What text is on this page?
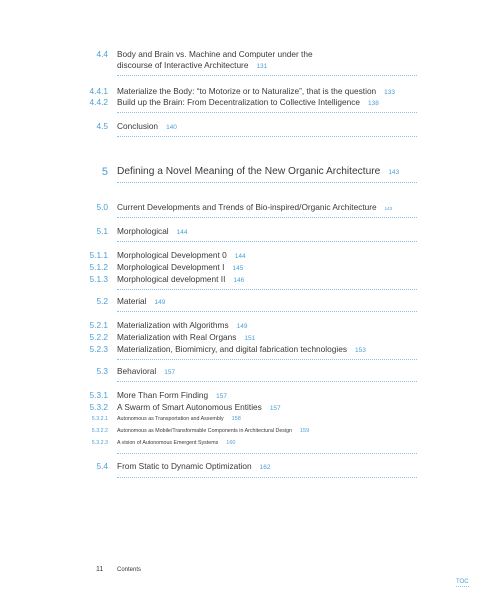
4.4 Body and Brain vs. Machine and Computer under the
discourse of Interactive Architecture 131
4.4.1 Materialize the Body: “to Motorize or to Naturalize”, that is the question 133
4.4.2 Build up the Brain: From Decentralization to Collective Intelligence 138
4.5 Conclusion 140
5 Defining a Novel Meaning of the New Organic Architecture 143
5.0 Current Developments and Trends of Bio-inspired/Organic Architecture 143
5.1 Morphological 144
5.1.1 Morphological Development 0 144
5.1.2 Morphological Development I 145
5.1.3 Morphological development II 146
5.2 Material 149
5.2.1 Materialization with Algorithms 149
5.2.2 Materialization with Real Organs 151
5.2.3 Materialization, Biomimicry, and digital fabrication technologies 153
5.3 Behavioral 157
5.3.1 More Than Form Finding 157
5.3.2 A Swarm of Smart Autonomous Entities 157
5.3.2.1 Autonomous as Transportation and Assembly 158
5.3.2.2 Autonomous as Mobile/Transformable Components in Architectural Design 159
5.3.2.3 A vision of Autonomous Emergent Systems 160
5.4 From Static to Dynamic Optimization 162
11 Contents
TOC
